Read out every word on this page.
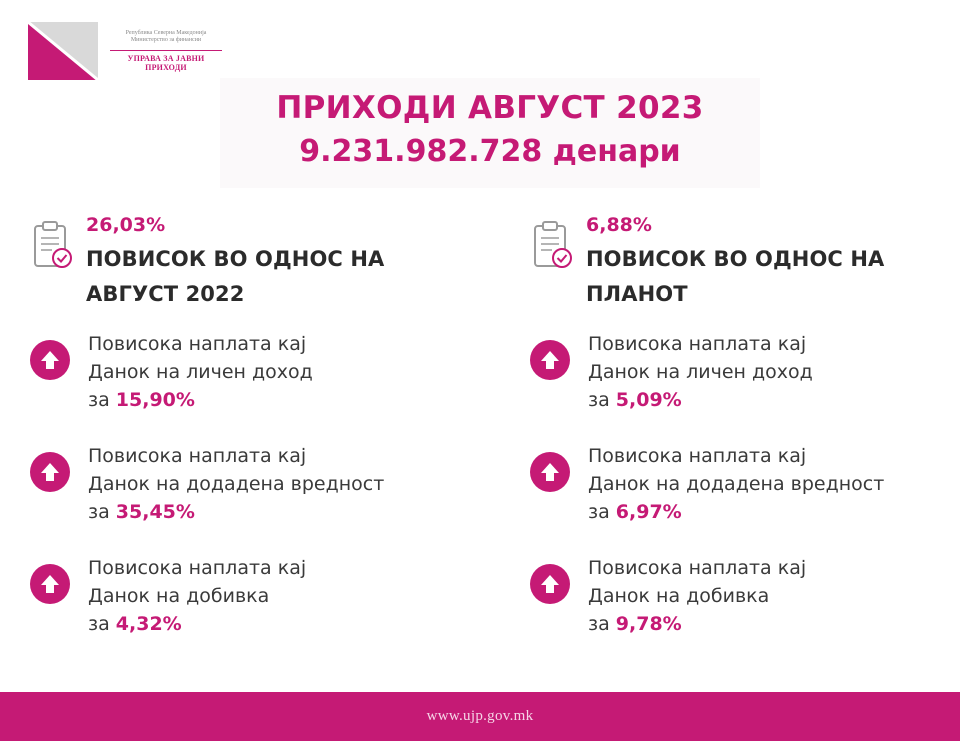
Република Северна Македонија
Министерство за финансии
УПРАВА ЗА ЈАВНИ ПРИХОДИ
ПРИХОДИ АВГУСТ 2023
9.231.982.728 денари
26,03%
ПОВИСОК ВО ОДНОС НА
АВГУСТ 2022
Повисока наплата кај
Данок на личен доход
за 15,90%
Повисока наплата кај
Данок на додадена вредност
за 35,45%
Повисока наплата кај
Данок на добивка
за 4,32%
6,88%
ПОВИСОК ВО ОДНОС НА
ПЛАНОТ
Повисока наплата кај
Данок на личен доход
за 5,09%
Повисока наплата кај
Данок на додадена вредност
за 6,97%
Повисока наплата кај
Данок на добивка
за 9,78%
www.ujp.gov.mk
